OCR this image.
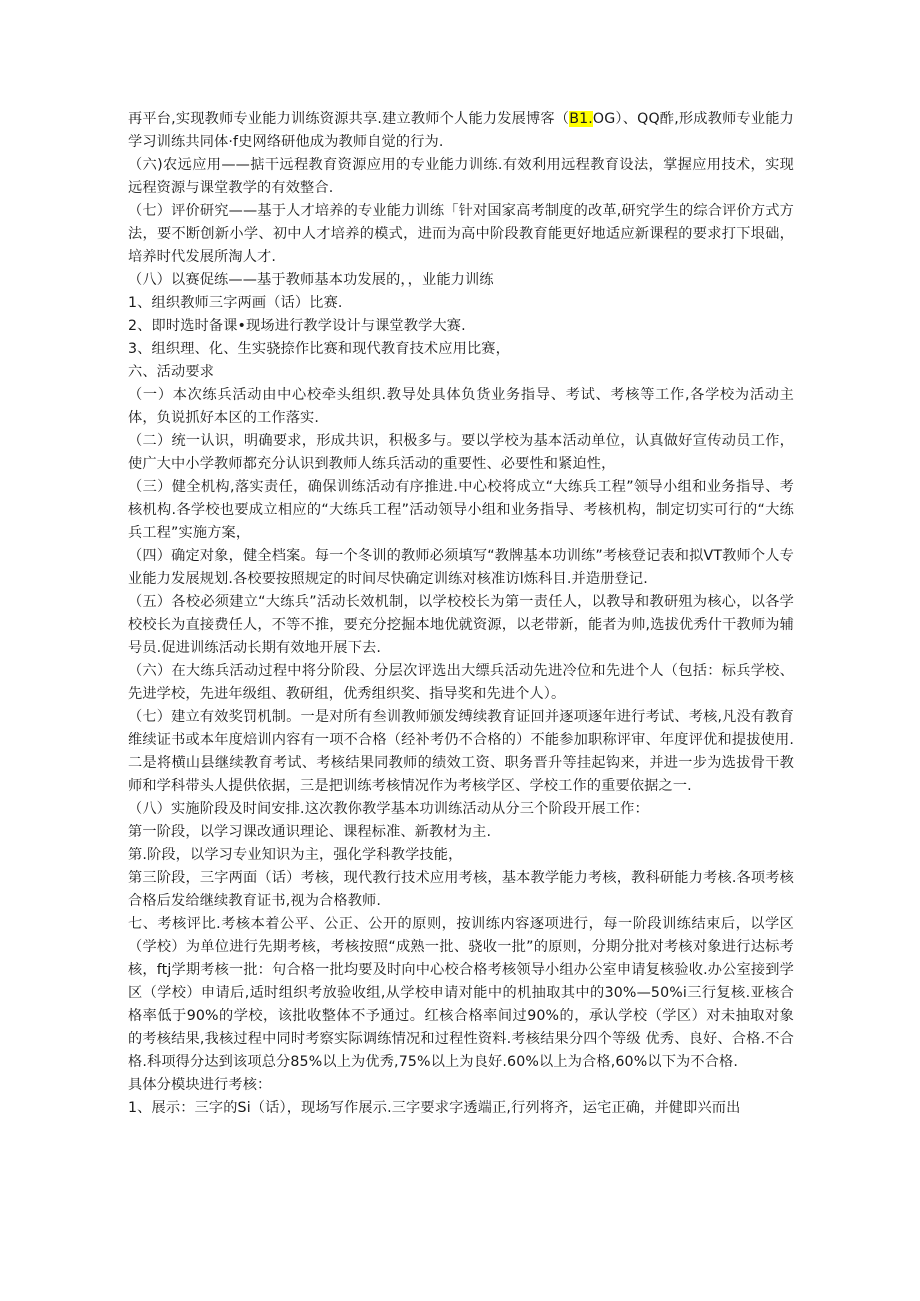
再平台,实现教师专业能力训练资源共享.建立教师个人能力发展博客（B1.OG）、QQ酢,形成教师专业能力学习训练共同体·f史网络研他成为教师自觉的行为.

（六)农远应用——掂干远程教育资源应用的专业能力训练.有效利用远程教育设法，掌握应用技术，实现远程资源与课堂教学的有效整合.

（七）评价研究——基于人才培养的专业能力训练「针对国家高考制度的改革,研究学生的综合评价方式方法，要不断创新小学、初中人才培养的模式，进而为高中阶段教育能更好地适应新课程的要求打下垠础，培养时代发展所淘人才.

（八）以赛促练——基于教师基本功发展的，，业能力训练

1、组织教师三字两画（话）比赛.

2、即时选时备课•现场进行教学设计与课堂教学大赛.

3、组织理、化、生实骁捺作比赛和现代教育技术应用比赛，

六、活动要求

（一）本次练兵活动由中心校牵头组织.教导处具体负货业务指导、考试、考核等工作,各学校为活动主体，负说抓好本区的工作落实.

（二）统一认识，明确要求，形成共识，积极多与。要以学校为基本活动单位，认真做好宣传动员工作，使广大中小学教师都充分认识到教师人练兵活动的重要性、必要性和紧迫性，

（三）健全机构,落实责任，确保训练活动有序推进.中心校将成立“大练兵工程”领导小组和业务指导、考核机构.各学校也要成立相应的“大练兵工程”活动领导小组和业务指导、考核机构，制定切实可行的“大练兵工程”实施方案，

（四）确定对象，健全档案。每一个冬训的教师必须填写“教牌基本功训练”考核登记表和拟VT教师个人专业能力发展规划.各校要按照规定的时间尽快确定训练对核准访l炼科目.并造册登记.

（五）各校必须建立“大练兵”活动长效机制，以学校校长为第一责任人，以教导和教研殂为核心，以各学校校长为直接费任人，不等不推，要充分挖掘本地优就资源，以老带新，能者为帅,选拔优秀什干教师为辅号员.促进训练活动长期有效地开展下去.

（六）在大练兵活动过程中将分阶段、分层次评选出大缥兵活动先进冷位和先进个人（包括：标兵学校、先进学校，先进年级组、教研组，优秀组织奖、指导奖和先进个人）。

（七）建立有效奖罚机制。一是对所有叁训教师颁发缚续教育证回并逐项逐年进行考试、考核,凡没有教育维续证书或本年度焙训内容有一项不合格（经补考仍不合格的）不能参加职称评审、年度评优和提拔使用.二是将横山县继续教育考试、考核结果同教师的绩效工资、职务晋升等挂起钩来，并进一步为选拔骨干教师和学科带头人提供依据，三是把训练考核情况作为考核学区、学校工作的重要依据之一.

（八）实施阶段及时间安排.这次教你教学基本功训练活动从分三个阶段开展工作：

第一阶段，以学习课改通识理论、课程标准、新教材为主.

第.阶段，以学习专业知识为主，强化学科教学技能，

第三阶段，三字两面（话）考核，现代教行技术应用考核，基本教学能力考核，教科研能力考核.各项考核合格后发给继续教育证书,视为合格教师.

七、考核评比.考核本着公平、公正、公开的原则，按训练内容逐项进行，每一阶段训练结束后，以学区（学校）为单位进行先期考核，考核按照“成熟一批、骁收一批”的原则，分期分批对考核对象进行达标考核，ftj学期考核一批：句合格一批均要及时向中心校合格考核领导小组办公室申请复核验收.办公室接到学区（学校）申请后,适时组织考放验收组,从学校申请对能中的机抽取其中的30%—50%i三行复核.亚核合格率低于90%的学校，该批收整体不予通过。红核合格率间过90%的，承认学校（学区）对未抽取对象的考核结果,我核过程中同时考察实际调练情况和过程性资料.考核结果分四个等级 优秀、良好、合格.不合格.科项得分达到该项总分85%以上为优秀,75%以上为良好.60%以上为合格,60%以下为不合格.

具体分模块进行考核：

1、展示：三字的Si（话），现场写作展示.三字要求字透端正,行列将齐，运宅正确，并健即兴而出
